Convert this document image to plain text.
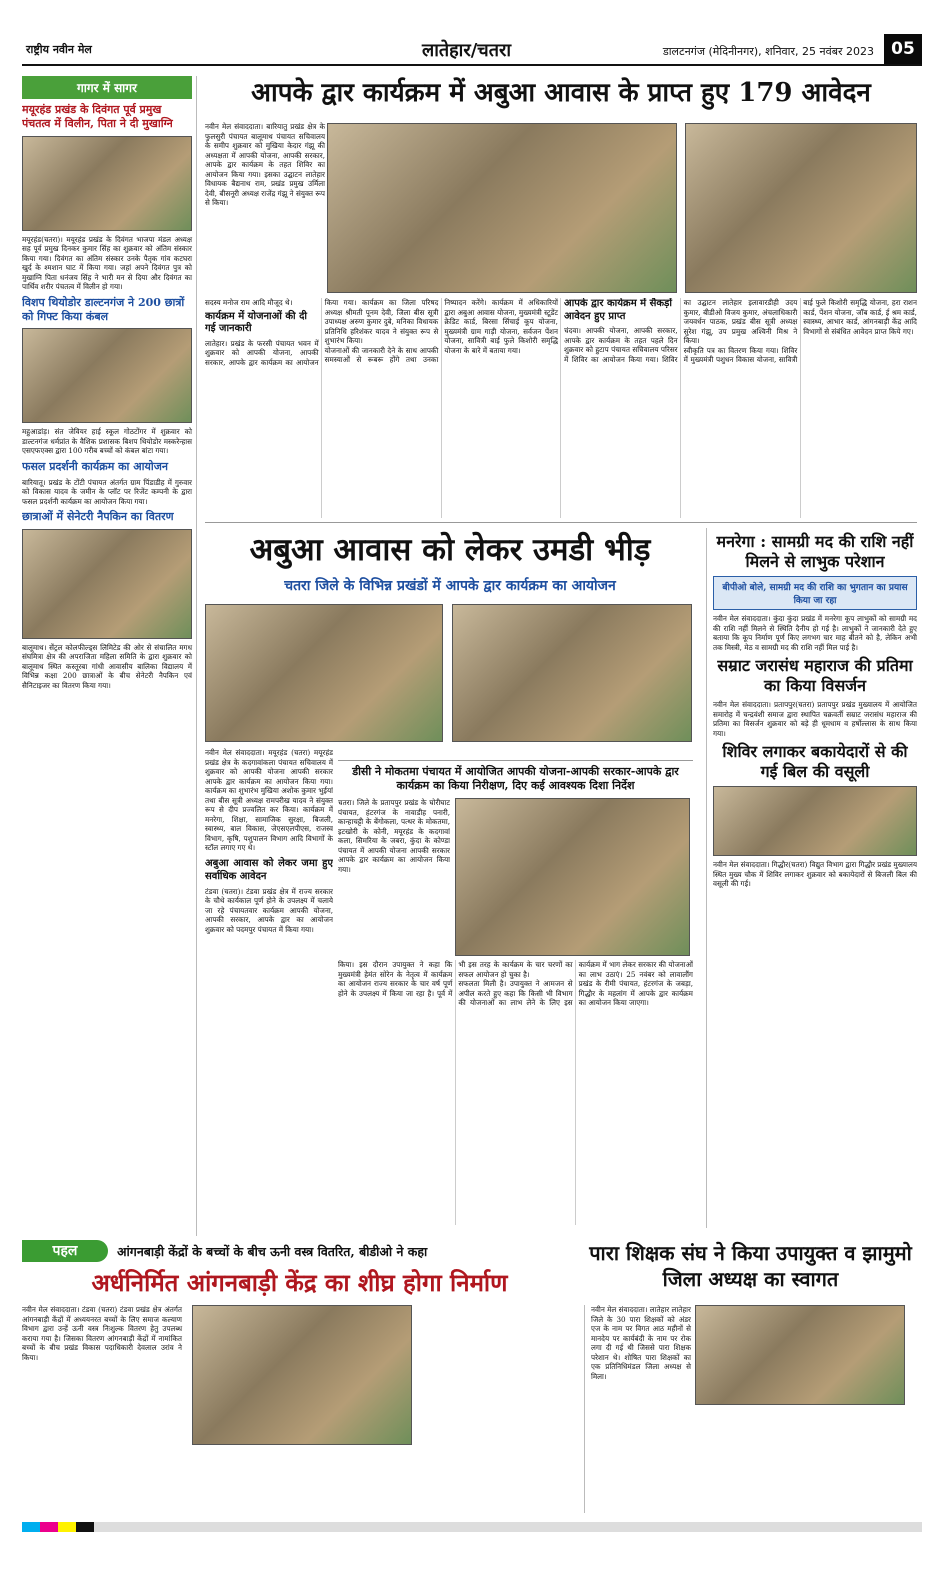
राष्ट्रीय नवीन मेल	लातेहार/चतरा	डालटनगंज (मेदिनीनगर), शनिवार, 25 नवंबर 2023	05
गागर में सागर
मयूरहंड प्रखंड के दिवंगत पूर्व प्रमुख पंचतत्व में विलीन, पिता ने दी मुखाग्नि

मयूरहंड(चतरा)। मयूरहंड प्रखंड के दिवंगत भाजपा मंडल अध्यक्ष सह पूर्व प्रमुख दिनकर कुमार सिंह का शुक्रवार को अंतिम संस्कार किया गया। दिवंगत का अंतिम संस्कार उनके पैतृक गांव कटघरा खुर्द के श्मशान घाट में किया गया। जहां अपने दिवंगत पुत्र को मुखाग्नि पिता धनंजय सिंह ने भारी मन से दिया और दिवंगत का पार्थिव शरीर पंचतत्व में विलीन हो गया।

विशप थियोडोर डाल्टनगंज ने 200 छात्रों को गिफ्ट किया कंबल

महुआडांड़। संत जेवियर हाई स्कूल गोठटोंगर में शुक्रवार को डाल्टनगंज धर्मप्रांत के वैशिक प्रशासक बिशप थियोडोर मस्करेन्हास एसएफएक्स द्वारा 100 गरीब बच्चों को कंबल बांटा गया।

फसल प्रदर्शनी कार्यक्रम का आयोजन

बारियातू। प्रखंड के टोंटी पंचायत अंतर्गत ग्राम पिंडाडीह में गुरुवार को विकास यादव के जमीन के प्लॉट पर रिजेंट कम्पनी के द्वारा फसल प्रदर्शनी कार्यक्रम का आयोजन किया गया।

छात्राओं में सेनेटरी नैपकिन का वितरण

बालूमाथ। सेंट्रल कोलफील्ड्स लिमिटेड की ओर से संचालित मगध संघमित्रा क्षेत्र की अपराजिता महिला समिति के द्वारा शुक्रवार को बालूमाथ स्थित कस्तूरबा गांधी आवासीय बालिका विद्यालय में विभिन्न कक्षा 200 छात्राओं के बीच सेनेटरी नैपकिन एवं सैनिटाइजर का वितरण किया गया।

आपके द्वार कार्यक्रम में अबुआ आवास के प्राप्त हुए 179 आवेदन
नवीन मेल संवाददाता। बारियातु प्रखंड क्षेत्र के फुलसुरी पंचायत बालूमाथ पंचायत सचिवालय के समीप शुक्रवार को मुखिया केदार गंझू की अध्यक्षता में आपकी योजना, आपकी सरकार, आपके द्वार कार्यक्रम के तहत शिविर का आयोजन किया गया। इसका उद्घाटन लातेहार विधायक बैद्यनाथ राम, प्रखंड प्रमुख उर्मिला देवी, बीसनूरी अध्यक्ष राजेंद्र गंझू ने संयुक्त रूप से किया।
सदस्य मनोज राम आदि मौजूद थे।
कार्यक्रम में योजनाओं की दी गई जानकारी
लातेहार। प्रखंड के फरसी पंचायत भवन में शुक्रवार को आपकी योजना, आपकी सरकार, आपके द्वार कार्यक्रम का आयोजन किया गया। कार्यक्रम का जिला परिषद अध्यक्ष श्रीमती पूनम देवी, जिला बीस सूत्री उपाध्यक्ष अरुण कुमार दुबे, मनिका विधायक प्रतिनिधि हरिशंकर यादव ने संयुक्त रूप से शुभारंभ किया।
योजनाओं की जानकारी देने के साथ आपकी समस्याओं से रूबरू होंगे तथा उनका निष्पादन करेंगे। कार्यक्रम में अधिकारियों द्वारा अबुआ आवास योजना, मुख्यमंत्री स्टूडेंट क्रेडिट कार्ड, बिरसा सिंचाई कूप योजना, मुख्यमंत्री ग्राम गाड़ी योजना, सर्वजन पेंशन योजना, सावित्री बाई फुले किशोरी समृद्धि योजना के बारे में बताया गया।
आपके द्वार कार्यक्रम में सैकड़ों आवेदन हुए प्राप्त
चंदवा। आपकी योजना, आपकी सरकार, आपके द्वार कार्यक्रम के तहत पहले दिन शुक्रवार को हुटाप पंचायत सचिवालय परिसर में शिविर का आयोजन किया गया। शिविर का उद्घाटन लातेहार इलावारडीही उदय कुमार, बीडीओ विजय कुमार, अंचलाधिकारी जयवर्धन पाठक, प्रखंड बीस सूत्री अध्यक्ष सुरेश गंझू, उप प्रमुख अश्विनी मिश्र ने किया।
स्वीकृति पत्र का वितरण किया गया। शिविर में मुख्यमंत्री पशुधन विकास योजना, सावित्री बाई फुले किशोरी समृद्धि योजना, हरा राशन कार्ड, पेंशन योजना, जॉब कार्ड, ई श्रम कार्ड, स्वास्थ्य, आभार कार्ड, आंगनबाड़ी केंद्र आदि विभागों से संबंधित आवेदन प्राप्त किये गए।
अबुआ आवास को लेकर उमडी भीड़
चतरा जिले के विभिन्न प्रखंडों में आपके द्वार कार्यक्रम का आयोजन
नवीन मेल संवाददाता। मयूरहंड (चतरा) मयूरहंड प्रखंड क्षेत्र के कदगावांकला पंचायत सचिवालय में शुक्रवार को आपकी योजना आपकी सरकार आपके द्वार कार्यक्रम का आयोजन किया गया। कार्यक्रम का शुभारंभ मुखिया अशोक कुमार भुईयां तथा बीस सूत्री अध्यक्ष रामपरीख यादव ने संयुक्त रूप से दीप प्रज्वलित कर किया। कार्यक्रम में मनरेगा, शिक्षा, सामाजिक सुरक्षा, बिजली, स्वास्थ्य, बाल विकास, जेएसएलपीएस, राजस्व विभाग, कृषि, पशुपालन विभाग आदि विभागों के स्टॉल लगाए गए थे।
अबुआ आवास को लेकर जमा हुए सर्वाधिक आवेदन
टंडवा (चतरा)। टंडवा प्रखंड क्षेत्र में राज्य सरकार के चौथे कार्यकाल पूर्ण होने के उपलक्ष्य में चलाये जा रहे पंचायतवार कार्यक्रम आपकी योजना, आपकी सरकार, आपके द्वार का आयोजन शुक्रवार को पदमपुर पंचायत में किया गया।
डीसी ने मोकतमा पंचायत में आयोजित आपकी योजना-आपकी सरकार-आपके द्वार कार्यक्रम का किया निरीक्षण, दिए कई आवश्यक दिशा निर्देश
चतरा। जिले के प्रतापपुर प्रखंड के घोरीघाट पंचायत, हंटरगंज के नावाडीह पनारी, कान्हाचट्टी के बेंगोकला, पत्थर के मोकतमा, इटखोरी के कोनी, मयूरहंड के कदगावां कला, सिमरिया के जबरा, कुंदा के कोण्डा पंचायत में आपकी योजना आपकी सरकार आपके द्वार कार्यक्रम का आयोजन किया गया।
किया। इस दौरान उपायुक्त ने कहा कि मुख्यमंत्री हेमंत सोरेन के नेतृत्व में कार्यक्रम का आयोजन राज्य सरकार के चार वर्ष पूर्ण होने के उपलक्ष्य में किया जा रहा है। पूर्व में भी इस तरह के कार्यक्रम के चार चरणों का सफल आयोजन हो चुका है।
सफलता मिली है। उपायुक्त ने आमजन से अपील करते हुए कहा कि किसी भी विभाग की योजनाओं का लाभ लेने के लिए इस कार्यक्रम में भाग लेकर सरकार की योजनाओं का लाभ उठाएं। 25 नवंबर को लावालौंग प्रखंड के रीमी पंचायत, हंटरगंज के जबड़ा, गिद्धौर के महलांग में आपके द्वार कार्यक्रम का आयोजन किया जाएगा।
मनरेगा : सामग्री मद की राशि नहीं मिलने से लाभुक परेशान
बीपीओ बोले, सामग्री मद की राशि का भुगतान का प्रयास किया जा रहा
नवीन मेल संवाददाता। कुंदा कुंदा प्रखंड में मनरेगा कूप लाभुकों को सामग्री मद की राशि नहीं मिलने से स्थिति दैनीय हो गई है। लाभुकों ने जानकारी देते हुए बताया कि कूप निर्माण पूर्ण किए लगभग चार माह बीतने को है, लेकिन अभी तक मिस्त्री, मेठ व सामग्री मद की राशि नहीं मिल पाई है।
सम्राट जरासंध महाराज की प्रतिमा का किया विसर्जन
नवीन मेल संवाददाता। प्रतापपुर(चतरा) प्रतापपुर प्रखंड मुख्यालय में आयोजित समारोह में चन्द्रवंशी समाज द्वारा स्थापित चक्रवर्ती सम्राट जरासंध महाराज की प्रतिमा का विसर्जन शुक्रवार को बड़े ही धूमधाम व हर्षोल्लास के साथ किया गया।
शिविर लगाकर बकायेदारों से की गई बिल की वसूली
नवीन मेल संवाददाता। गिद्धौर(चतरा) विद्युत विभाग द्वारा गिद्धौर प्रखंड मुख्यालय स्थित मुख्य चौक में शिविर लगाकर शुक्रवार को बकायेदारों से बिजली बिल की वसूली की गई।
पहल	आंगनबाड़ी केंद्रों के बच्चों के बीच ऊनी वस्त्र वितरित, बीडीओ ने कहा
अर्धनिर्मित आंगनबाड़ी केंद्र का शीघ्र होगा निर्माण
नवीन मेल संवाददाता। टंडवा (चतरा) टंडवा प्रखंड क्षेत्र अंतर्गत आंगनबाड़ी केंद्रों में अध्ययनरत बच्चों के लिए समाज कल्याण विभाग द्वारा उन्हें ऊनी वस्त्र निःशुल्क वितरण हेतु उपलब्ध कराया गया है। जिसका वितरण आंगनबाड़ी केंद्रों में नामांकित बच्चों के बीच प्रखंड विकास पदाधिकारी देवलाल उरांव ने किया।
पारा शिक्षक संघ ने किया उपायुक्त व झामुमो जिला अध्यक्ष का स्वागत
नवीन मेल संवाददाता। लातेहार लातेहार जिले के 30 पारा शिक्षकों को अंडर एज के नाम पर विगत आठ महीनों से मानदेय पर कार्यबंदी के नाम पर रोक लगा दी गई थी जिससे पारा शिक्षक परेशान थे। शोषित पारा शिक्षकों का एक प्रतिनिधिमंडल जिला अध्यक्ष से मिला।
